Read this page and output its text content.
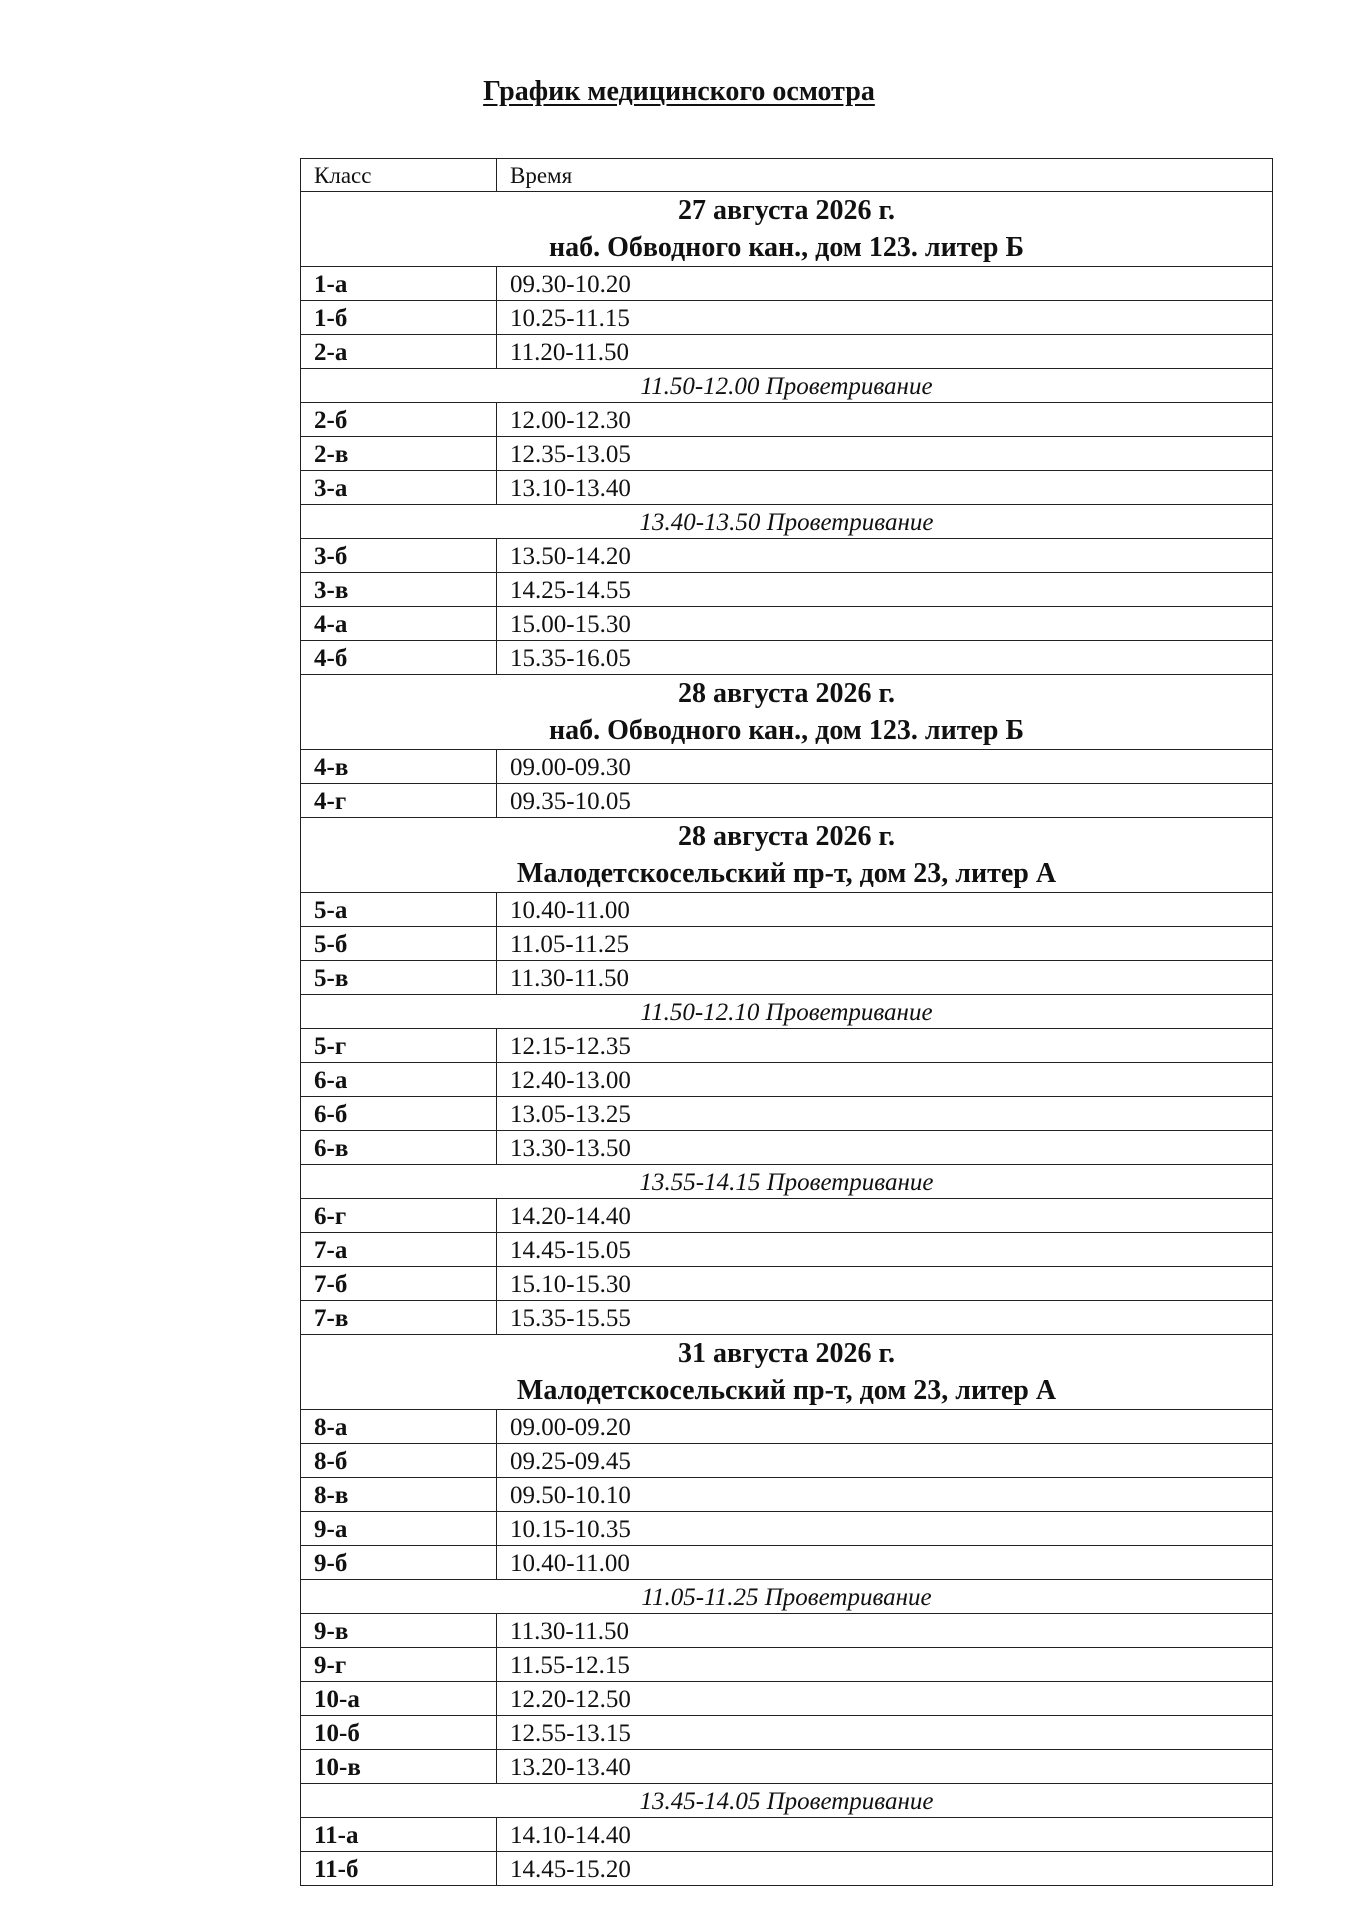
График медицинского осмотра
Класс	Время

27 августа 2026 г.
наб. Обводного кан., дом 123. литер Б	

1-а	09.30-10.20
1-б	10.25-11.15
2-а	11.20-11.50
11.50-12.00 Проветривание	
2-б	12.00-12.30
2-в	12.35-13.05
3-а	13.10-13.40
13.40-13.50 Проветривание	
3-б	13.50-14.20
3-в	14.25-14.55
4-а	15.00-15.30
4-б	15.35-16.05

28 августа 2026 г.
наб. Обводного кан., дом 123. литер Б	

4-в	09.00-09.30
4-г	09.35-10.05

28 августа 2026 г.
Малодетскосельский пр-т, дом 23, литер А	

5-а	10.40-11.00
5-б	11.05-11.25
5-в	11.30-11.50
11.50-12.10 Проветривание	
5-г	12.15-12.35
6-а	12.40-13.00
6-б	13.05-13.25
6-в	13.30-13.50
13.55-14.15 Проветривание	
6-г	14.20-14.40
7-а	14.45-15.05
7-б	15.10-15.30
7-в	15.35-15.55

31 августа 2026 г.
Малодетскосельский пр-т, дом 23, литер А	

8-а	09.00-09.20
8-б	09.25-09.45
8-в	09.50-10.10
9-а	10.15-10.35
9-б	10.40-11.00
11.05-11.25 Проветривание	
9-в	11.30-11.50
9-г	11.55-12.15
10-а	12.20-12.50
10-б	12.55-13.15
10-в	13.20-13.40
13.45-14.05 Проветривание	
11-а	14.10-14.40
11-б	14.45-15.20
